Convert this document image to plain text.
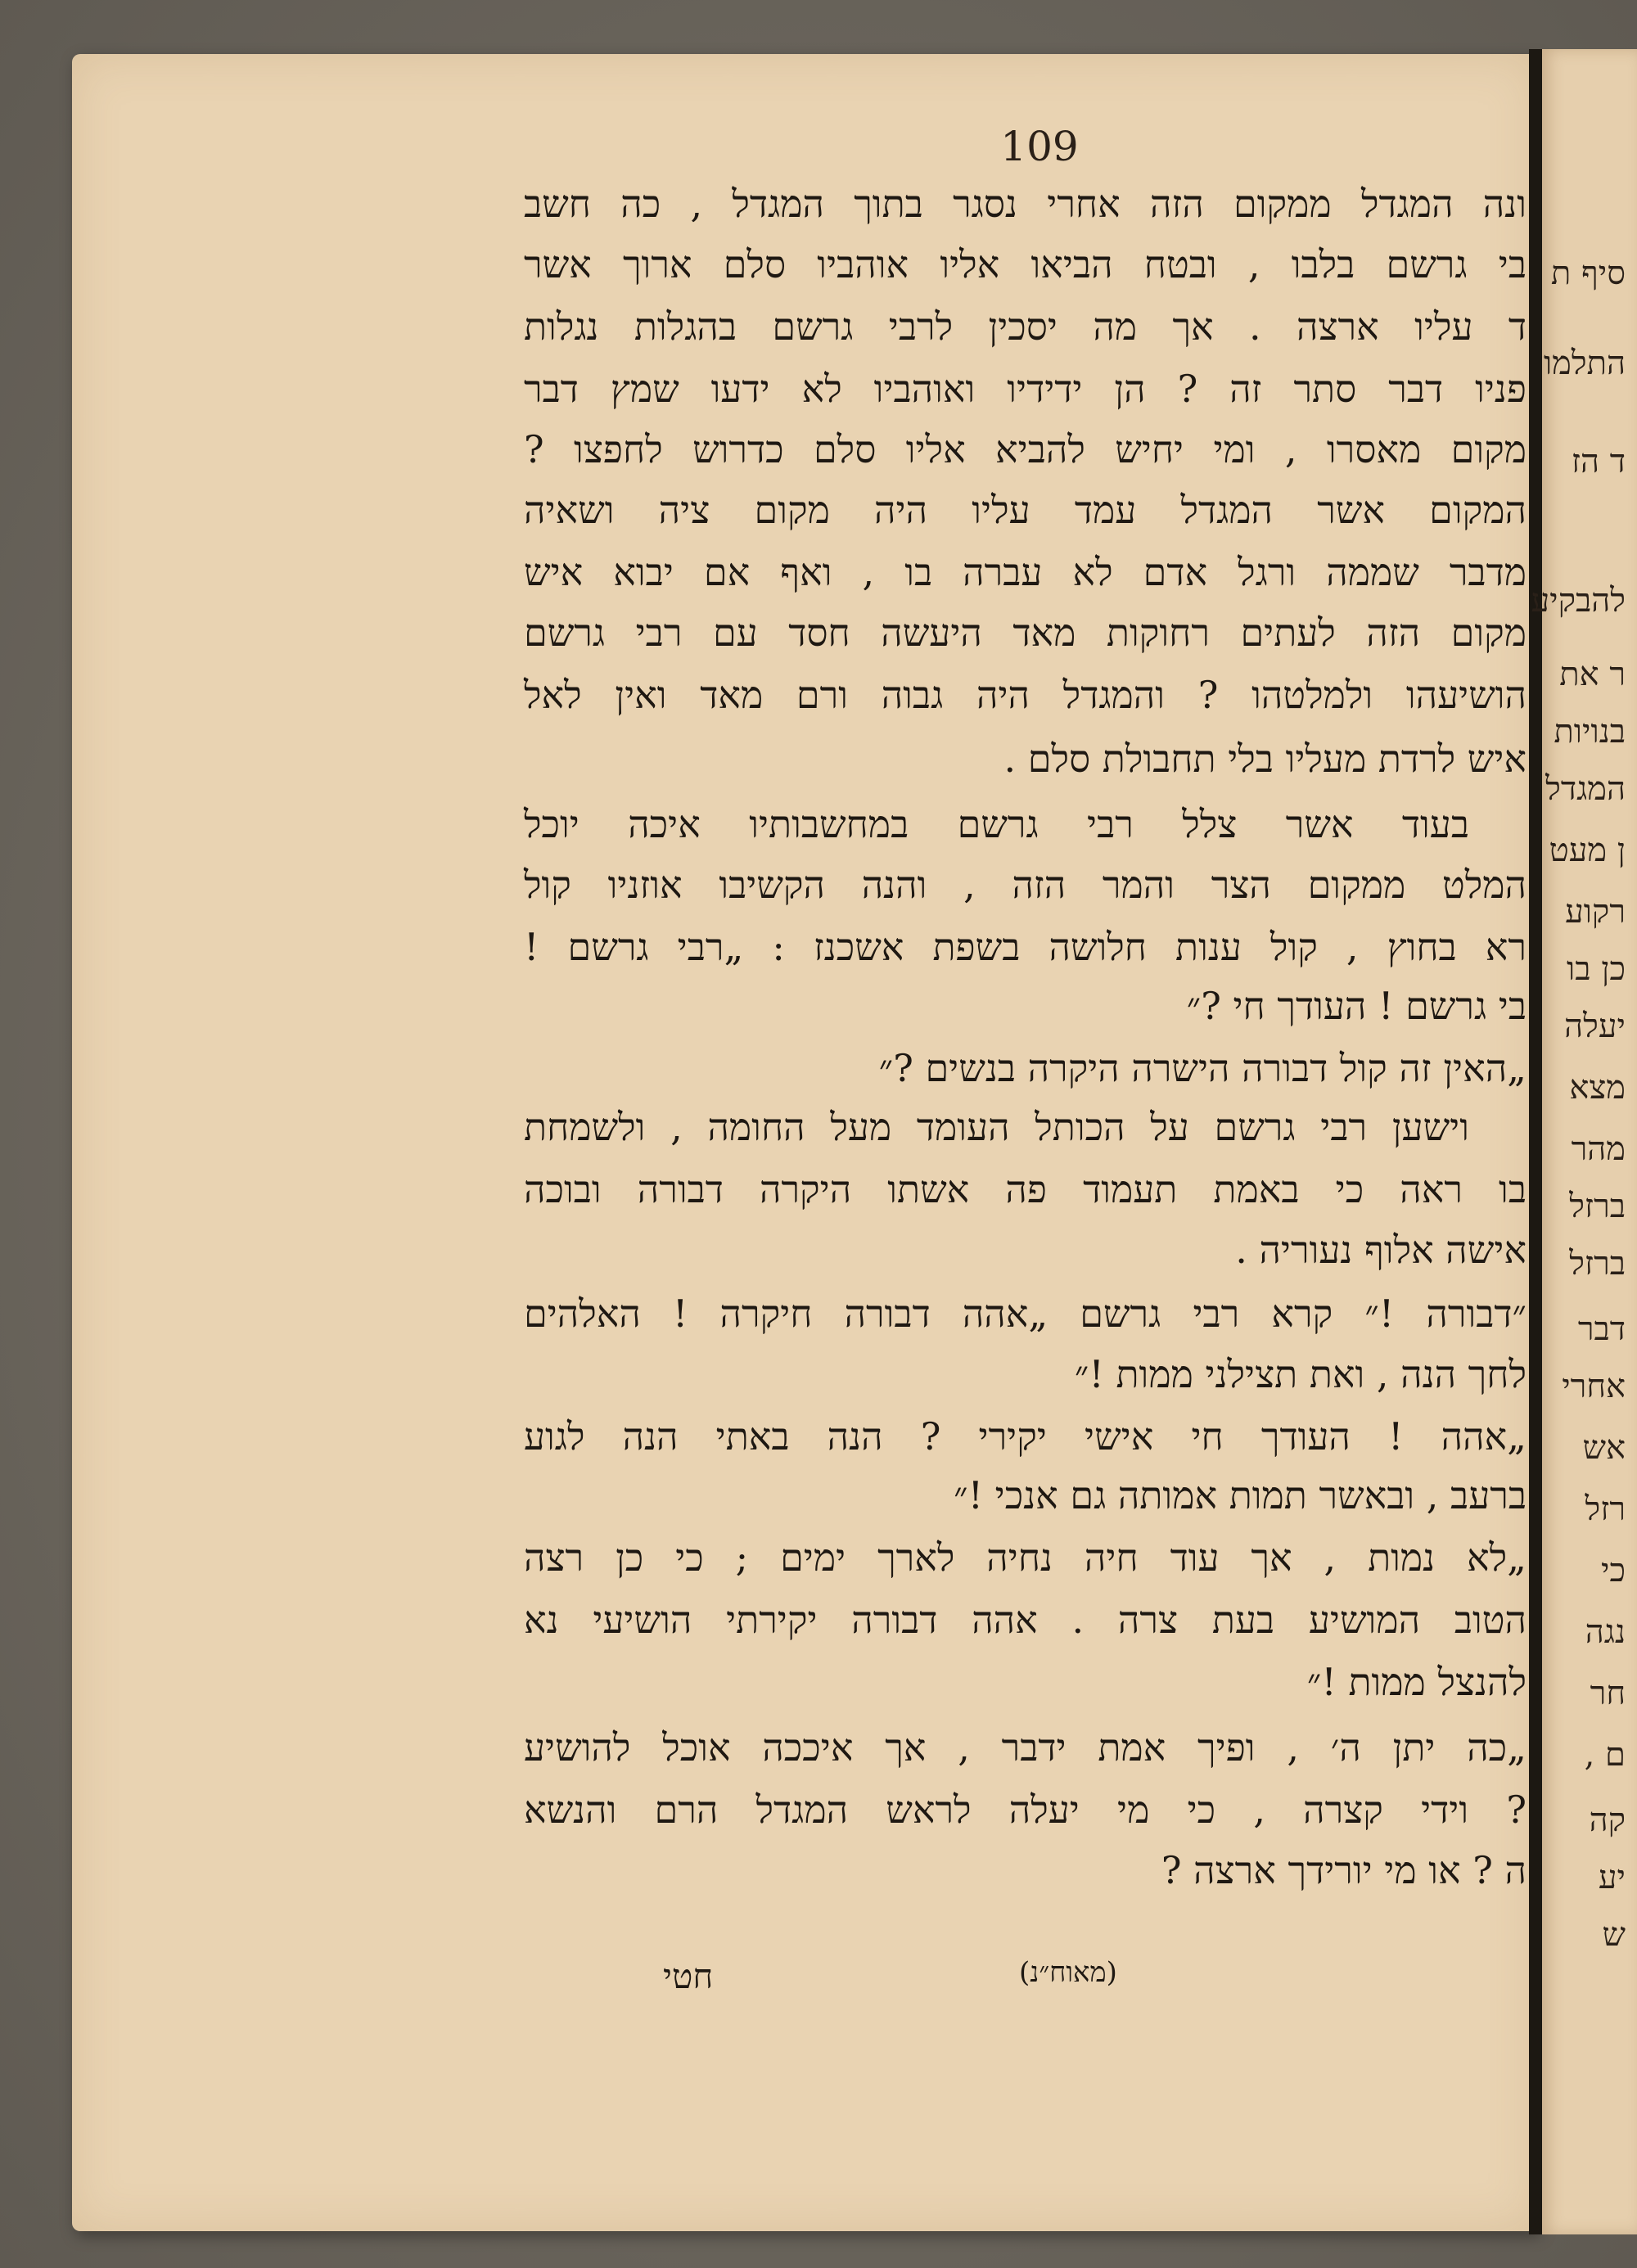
109
ונה המגדל ממקום הזה אחרי נסגר בתוך המגדל , כה חשב
בי גרשם בלבו , ובטח הביאו אליו אוהביו סלם ארוך אשר
ד עליו ארצה . אך מה יסכין לרבי גרשם בהגלות נגלות
פניו דבר סתר זה ? הן ידידיו ואוהביו לא ידעו שמץ דבר
מקום מאסרו , ומי יחיש להביא אליו סלם כדרוש לחפצו ?
המקום אשר המגדל עמד עליו היה מקום ציה ושאיה
מדבר שממה ורגל אדם לא עברה בו , ואף אם יבוא איש
מקום הזה לעתים רחוקות מאד היעשה חסד עם רבי גרשם
הושיעהו ולמלטהו ? והמגדל היה גבוה ורם מאד ואין לאל
איש לרדת מעליו בלי תחבולת סלם .
בעוד אשר צלל רבי גרשם במחשבותיו איכה יוכל
המלט ממקום הצר והמר הזה , והנה הקשיבו אוזניו קול
רא בחוץ , קול ענות חלושה בשפת אשכנז : „רבי גרשם !
בי גרשם ! העודך חי ?״
„האין זה קול דבורה הישרה היקרה בנשים ?״
וישען רבי גרשם על הכותל העומד מעל החומה , ולשמחת
בו ראה כי באמת תעמוד פה אשתו היקרה דבורה ובוכה
אישה אלוף נעוריה .
״דבורה !״ קרא רבי גרשם „אהה דבורה חיקרה ! האלהים
לחך הנה , ואת תצילני ממות !״
„אהה ! העודך חי אישי יקירי ? הנה באתי הנה לגוע
ברעב , ובאשר תמות אמותה גם אנכי !״
„לא נמות , אך עוד חיה נחיה לארך ימים ; כי כן רצה
הטוב המושיע בעת צרה . אהה דבורה יקירתי הושיעי נא
להנצל ממות !״
„כה יתן ה׳ , ופיך אמת ידבר , אך איככה אוכל להושיע
? וידי קצרה , כי מי יעלה לראש המגדל הרם והנשא
ה ? או מי יורידך ארצה ?
חטי	(מאוח״נ)
סיף ת
התלמו
ד הז
להבקיע
ר את
בנויות
המגדל
ן מעט
רקוע
כן בו
יעלה
מצא
מהר
ברזל
ברזל
דבר
אחרי
אש
רזל
כי
נגה
חר
ם ,
קה
יע
ש
